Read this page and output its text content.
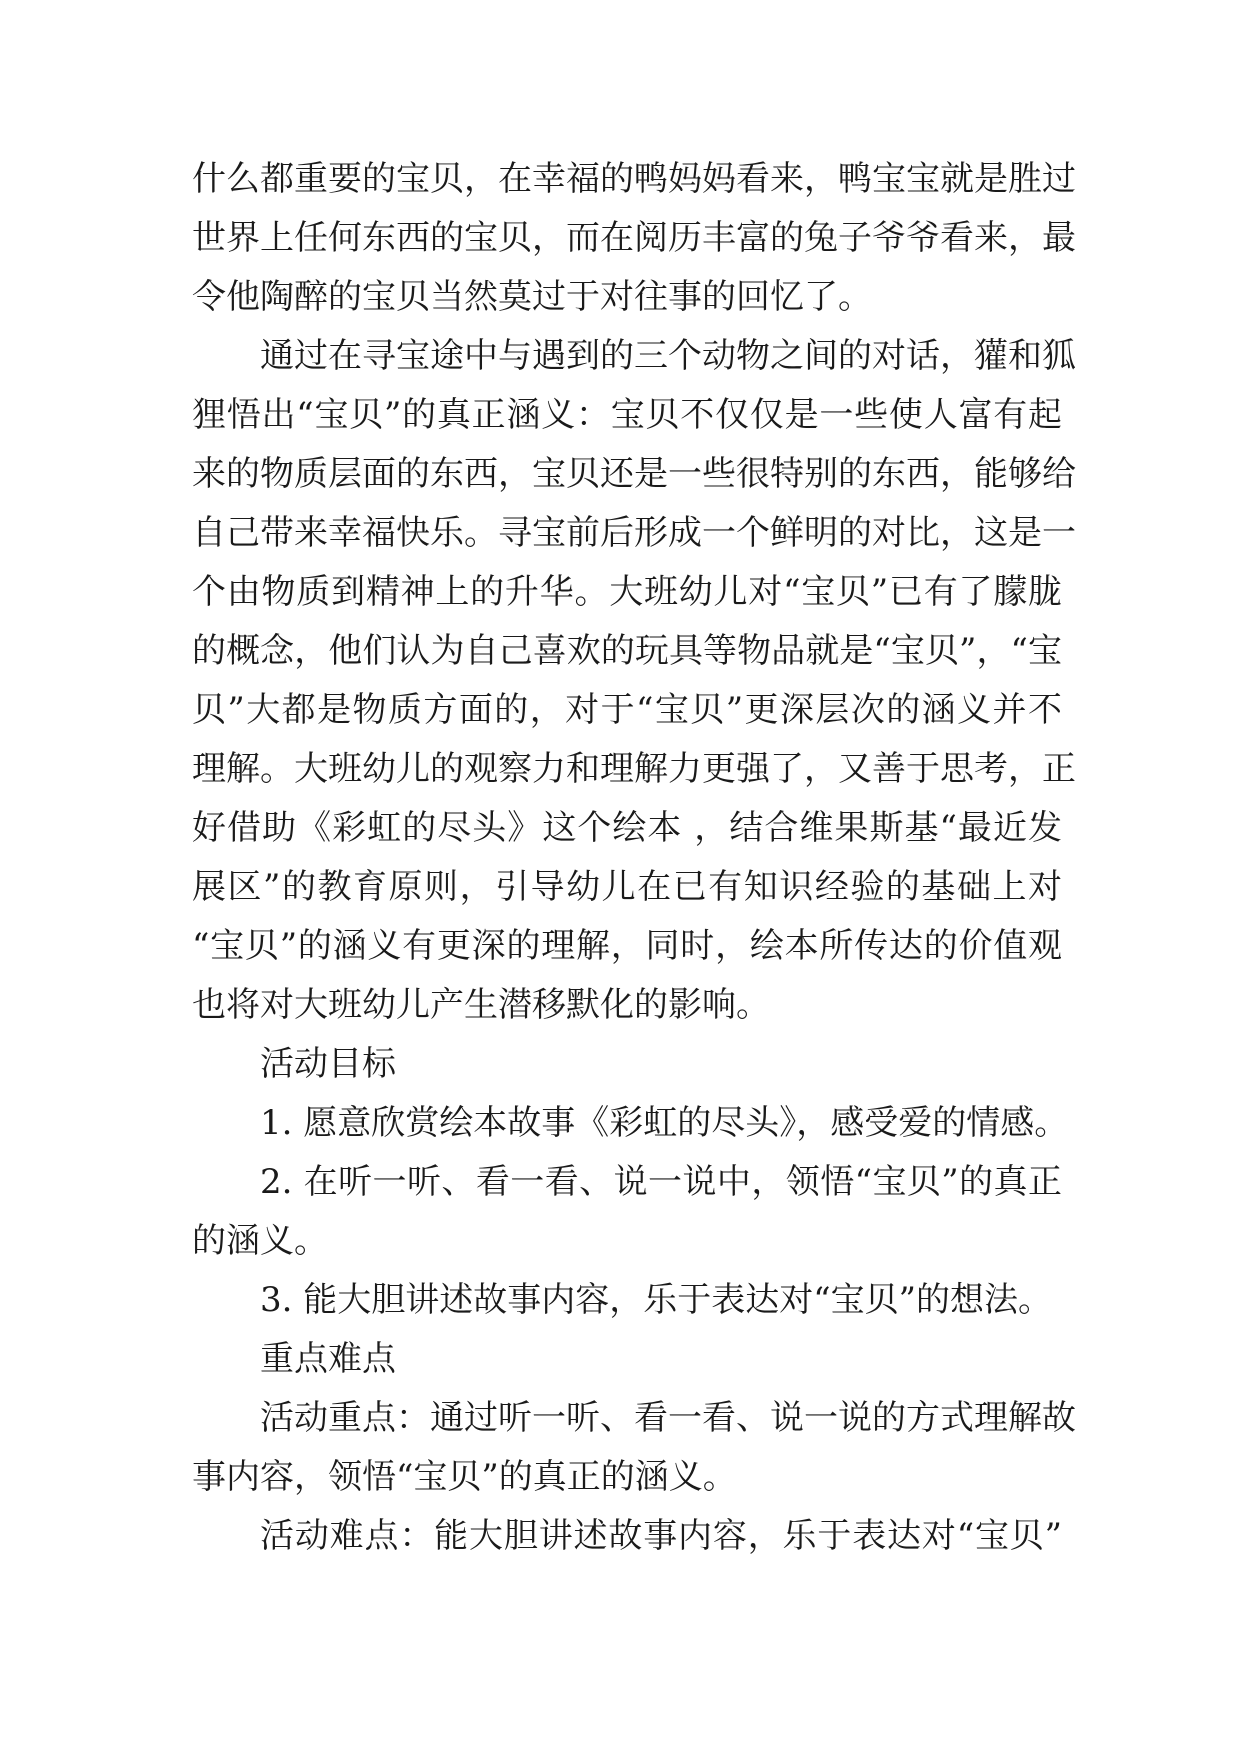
什么都重要的宝贝，在幸福的鸭妈妈看来，鸭宝宝就是胜过
世界上任何东西的宝贝，而在阅历丰富的兔子爷爷看来，最
令他陶醉的宝贝当然莫过于对往事的回忆了。
通过在寻宝途中与遇到的三个动物之间的对话，獾和狐
狸悟出“宝贝”的真正涵义：宝贝不仅仅是一些使人富有起
来的物质层面的东西，宝贝还是一些很特别的东西，能够给
自己带来幸福快乐。寻宝前后形成一个鲜明的对比，这是一
个由物质到精神上的升华。大班幼儿对“宝贝”已有了朦胧
的概念，他们认为自己喜欢的玩具等物品就是“宝贝”，“宝
贝”大都是物质方面的，对于“宝贝”更深层次的涵义并不
理解。大班幼儿的观察力和理解力更强了，又善于思考，正
好借助《彩虹的尽头》这个绘本 ，结合维果斯基“最近发
展区”的教育原则，引导幼儿在已有知识经验的基础上对
“宝贝”的涵义有更深的理解，同时，绘本所传达的价值观
也将对大班幼儿产生潜移默化的影响。
活动目标
1. 愿意欣赏绘本故事《彩虹的尽头》，感受爱的情感。
2. 在听一听、看一看、说一说中，领悟“宝贝”的真正
的涵义。
3. 能大胆讲述故事内容，乐于表达对“宝贝”的想法。
重点难点
活动重点：通过听一听、看一看、说一说的方式理解故
事内容，领悟“宝贝”的真正的涵义。
活动难点：能大胆讲述故事内容，乐于表达对“宝贝”
